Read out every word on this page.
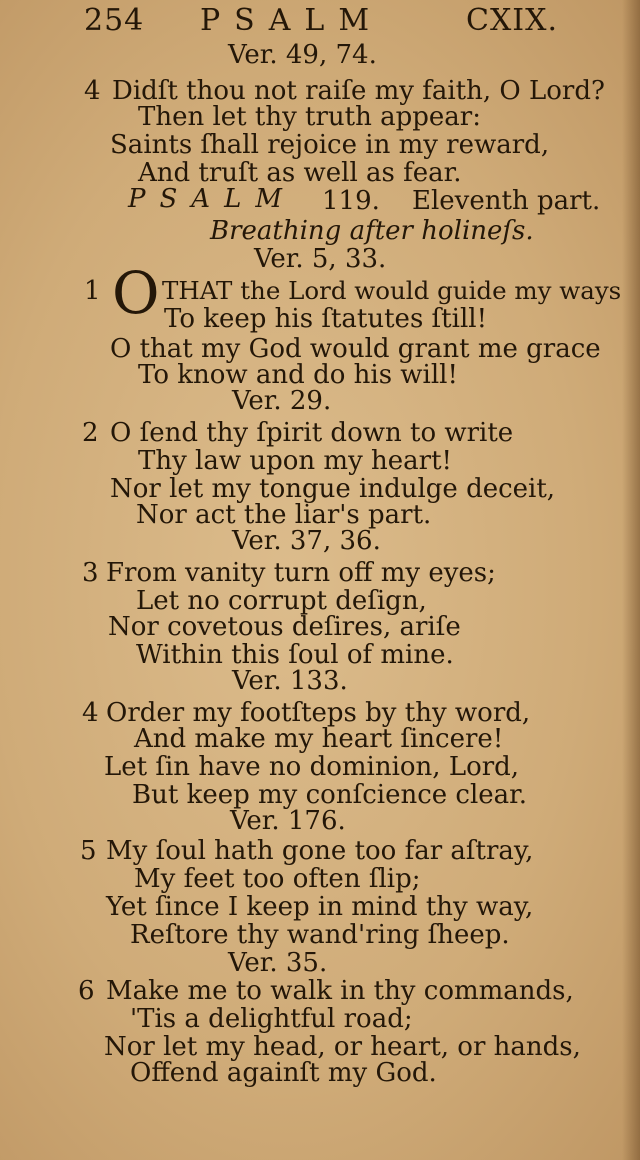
254 PSALM	CXIX.
Ver. 49, 74.
4 Didſt thou not raiſe my faith, O Lord?
Then let thy truth appear:
Saints ſhall rejoice in my reward,
And truſt as well as fear.
PSALM 119. Eleventh part.
Breathing after holineſs.
Ver. 5, 33.
1 O THAT the Lord would guide my ways
To keep his ſtatutes ſtill!
O that my God would grant me grace
To know and do his will!
Ver. 29.
2 O ſend thy ſpirit down to write
Thy law upon my heart!
Nor let my tongue indulge deceit,
Nor act the liar's part.
Ver. 37, 36.
3 From vanity turn off my eyes;
Let no corrupt deſign,
Nor covetous deſires, ariſe
Within this ſoul of mine.
Ver. 133.
4 Order my footſteps by thy word,
And make my heart ſincere!
Let ſin have no dominion, Lord,
But keep my conſcience clear.
Ver. 176.
5 My ſoul hath gone too far aſtray,
My feet too often ſlip;
Yet ſince I keep in mind thy way,
Reſtore thy wand'ring ſheep.
Ver. 35.
6 Make me to walk in thy commands,
'Tis a delightful road;
Nor let my head, or heart, or hands,
Offend againſt my God.
